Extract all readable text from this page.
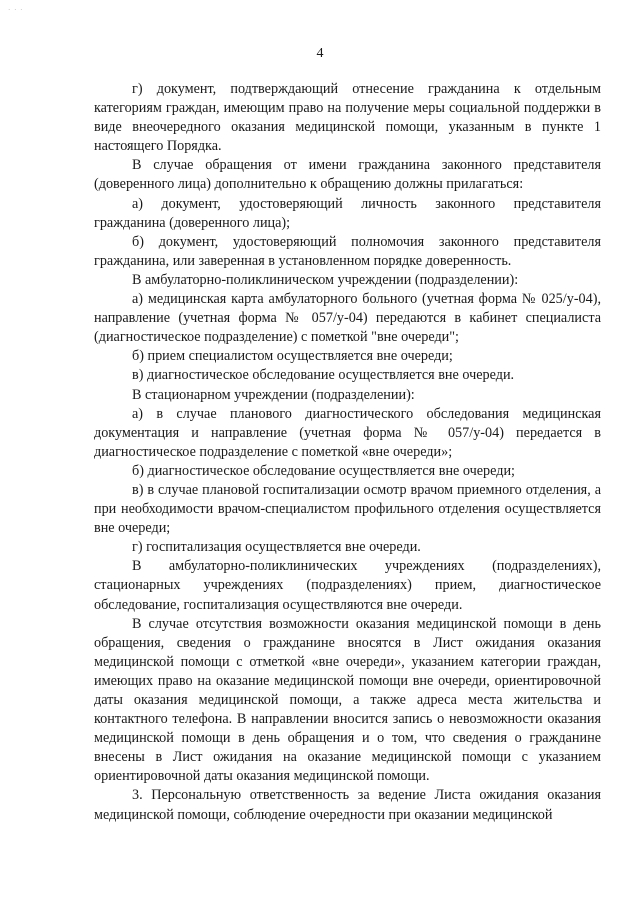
· · ·
4

г) документ, подтверждающий отнесение гражданина к отдельным категориям граждан, имеющим право на получение меры социальной поддержки в виде внеочередного оказания медицинской помощи, указанным в пункте 1 настоящего Порядка.

В случае обращения от имени гражданина законного представителя (доверенного лица) дополнительно к обращению должны прилагаться:

а) документ, удостоверяющий личность законного представителя гражданина (доверенного лица);

б) документ, удостоверяющий полномочия законного представителя гражданина, или заверенная в установленном порядке доверенность.

В амбулаторно-поликлиническом учреждении (подразделении):

а) медицинская карта амбулаторного больного (учетная форма № 025/у-04), направление (учетная форма № 057/у-04) передаются в кабинет специалиста (диагностическое подразделение) с пометкой "вне очереди";

б) прием специалистом осуществляется вне очереди;

в) диагностическое обследование осуществляется вне очереди.

В стационарном учреждении (подразделении):

а) в случае планового диагностического обследования медицинская документация и направление (учетная форма № 057/у-04) передается в диагностическое подразделение с пометкой «вне очереди»;

б) диагностическое обследование осуществляется вне очереди;

в) в случае плановой госпитализации осмотр врачом приемного отделения, а при необходимости врачом-специалистом профильного отделения осуществляется вне очереди;

г) госпитализация осуществляется вне очереди.

В амбулаторно-поликлинических учреждениях (подразделениях), стационарных учреждениях (подразделениях) прием, диагностическое обследование, госпитализация осуществляются вне очереди.

В случае отсутствия возможности оказания медицинской помощи в день обращения, сведения о гражданине вносятся в Лист ожидания оказания медицинской помощи с отметкой «вне очереди», указанием категории граждан, имеющих право на оказание медицинской помощи вне очереди, ориентировочной даты оказания медицинской помощи, а также адреса места жительства и контактного телефона. В направлении вносится запись о невозможности оказания медицинской помощи в день обращения и о том, что сведения о гражданине внесены в Лист ожидания на оказание медицинской помощи с указанием ориентировочной даты оказания медицинской помощи.

3. Персональную ответственность за ведение Листа ожидания оказания медицинской помощи, соблюдение очередности при оказании медицинской
